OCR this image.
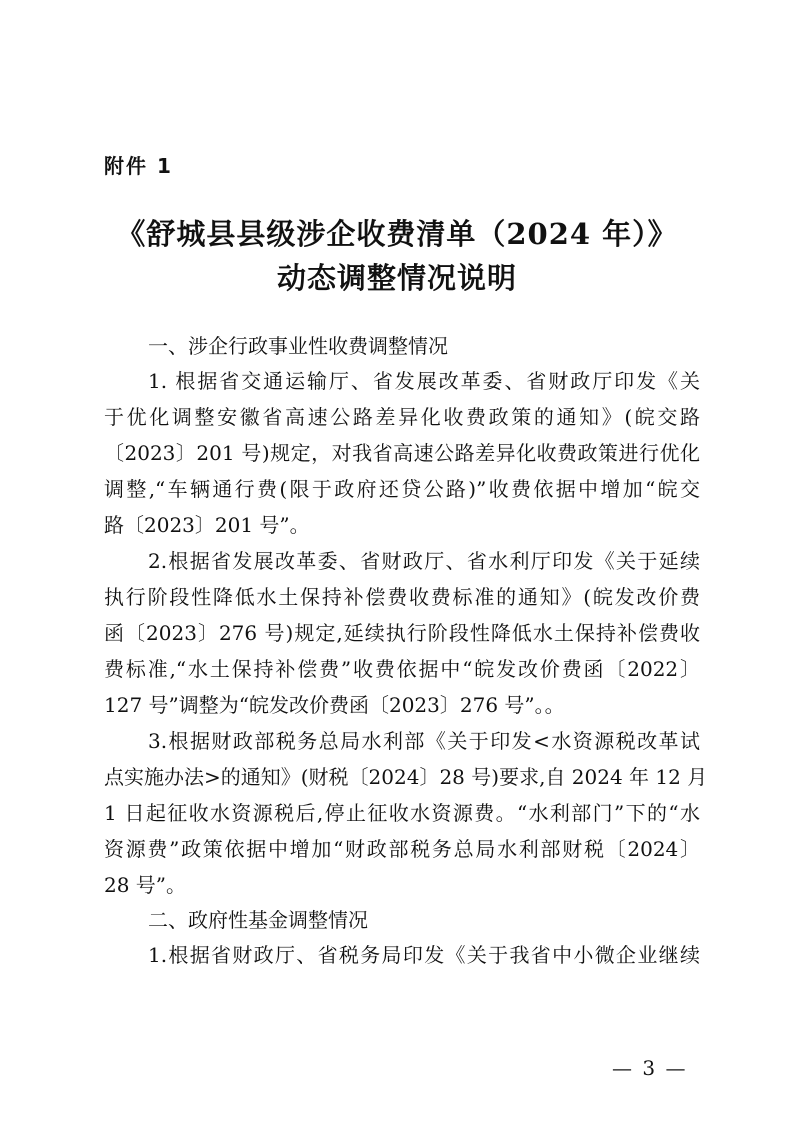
附件 1
《舒城县县级涉企收费清单（2024 年）》
动态调整情况说明
一、涉企行政事业性收费调整情况
1. 根据省交通运输厅、省发展改革委、省财政厅印发《关
于优化调整安徽省高速公路差异化收费政策的通知》(皖交路
〔2023〕201 号)规定，对我省高速公路差异化收费政策进行优化
调整,“车辆通行费(限于政府还贷公路)”收费依据中增加“皖交
路〔2023〕201 号”。
2.根据省发展改革委、省财政厅、省水利厅印发《关于延续
执行阶段性降低水土保持补偿费收费标准的通知》(皖发改价费
函〔2023〕276 号)规定,延续执行阶段性降低水土保持补偿费收
费标准,“水土保持补偿费”收费依据中“皖发改价费函〔2022〕
127 号”调整为“皖发改价费函〔2023〕276 号”。。
3.根据财政部税务总局水利部《关于印发<水资源税改革试
点实施办法>的通知》(财税〔2024〕28 号)要求,自 2024 年 12 月
1 日起征收水资源税后,停止征收水资源费。“水利部门”下的“水
资源费”政策依据中增加“财政部税务总局水利部财税〔2024〕
28 号”。
二、政府性基金调整情况
1.根据省财政厅、省税务局印发《关于我省中小微企业继续
— 3 —
